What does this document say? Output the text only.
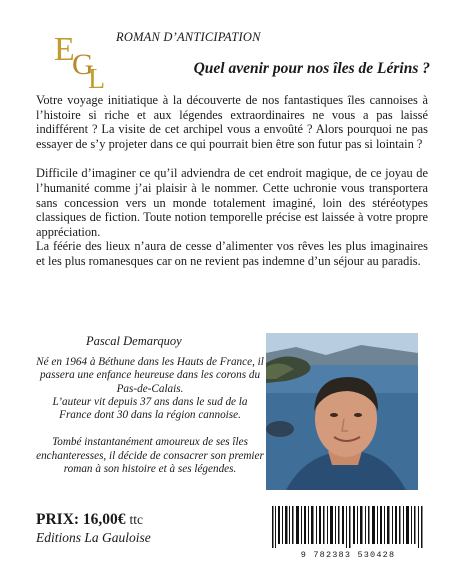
E
G
L
ROMAN D’ANTICIPATION
Quel avenir pour nos îles de Lérins ?

Votre voyage initiatique à la découverte de nos fantastiques îles cannoises à l’histoire si riche et aux légendes extraordinaires ne vous a pas laissé indifférent ? La visite de cet archipel vous a envoûté ? Alors pourquoi ne pas essayer de s’y projeter dans ce qui pourrait bien être son futur pas si lointain ?

Difficile d’imaginer ce qu’il adviendra de cet endroit magique, de ce joyau de l’humanité comme j’ai plaisir à le nommer. Cette uchronie vous transportera sans concession vers un monde totalement imaginé, loin des stéréotypes classiques de fiction. Toute notion temporelle précise est laissée à votre propre appréciation.

La féérie des lieux n’aura de cesse d’alimenter vos rêves les plus imaginaires et les plus romanesques car on ne revient pas indemne d’un séjour au paradis.

Pascal Demarquoy

Né en 1964 à Béthune dans les Hauts de France, il passera une enfance heureuse dans les corons du Pas-de-Calais.

L’auteur vit depuis 37 ans dans le sud de la France dont 30 dans la région cannoise.

Tombé instantanément amoureux de ses îles enchanteresses, il décide de consacrer son premier roman à son histoire et à ses légendes.

PRIX: 16,00€ ttc
Editions La Gauloise
9 782383 530428
